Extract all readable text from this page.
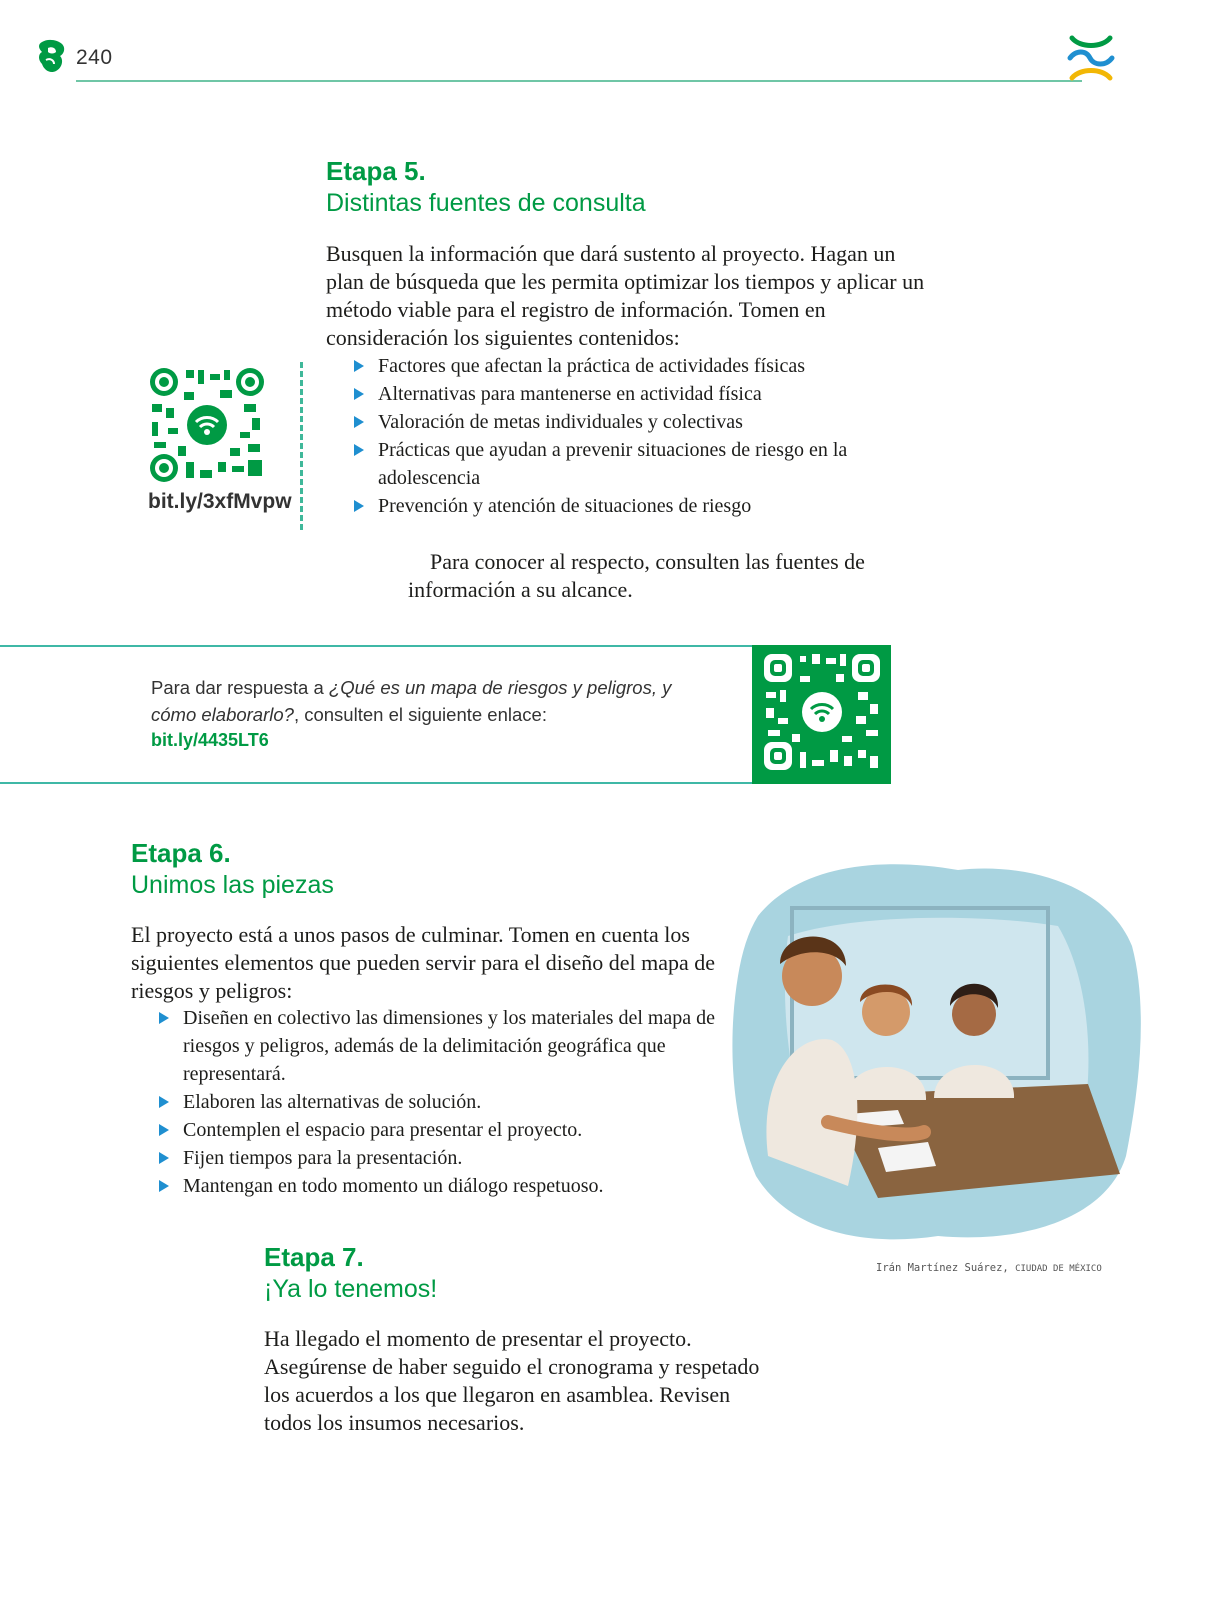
240
Etapa 5.
Distintas fuentes de consulta
Busquen la información que dará sustento al proyecto. Hagan un plan de búsqueda que les permita optimizar los tiempos y aplicar un método viable para el registro de información. Tomen en consideración los siguientes contenidos:
Factores que afectan la práctica de actividades físicas
Alternativas para mantenerse en actividad física
Valoración de metas individuales y colectivas
Prácticas que ayudan a prevenir situaciones de riesgo en la adolescencia
Prevención y atención de situaciones de riesgo
Para conocer al respecto, consulten las fuentes de información a su alcance.
bit.ly/3xfMvpw
Para dar respuesta a ¿Qué es un mapa de riesgos y peligros, y cómo elaborarlo?, consulten el siguiente enlace:
bit.ly/4435LT6
Etapa 6.
Unimos las piezas
El proyecto está a unos pasos de culminar. Tomen en cuenta los siguientes elementos que pueden servir para el diseño del mapa de riesgos y peligros:
Diseñen en colectivo las dimensiones y los materiales del mapa de riesgos y peligros, además de la delimitación geográfica que representará.
Elaboren las alternativas de solución.
Contemplen el espacio para presentar el proyecto.
Fijen tiempos para la presentación.
Mantengan en todo momento un diálogo respetuoso.
Irán Martínez Suárez, CIUDAD DE MÉXICO
Etapa 7.
¡Ya lo tenemos!
Ha llegado el momento de presentar el proyecto. Asegúrense de haber seguido el cronograma y respetado los acuerdos a los que llegaron en asamblea. Revisen todos los insumos necesarios.
